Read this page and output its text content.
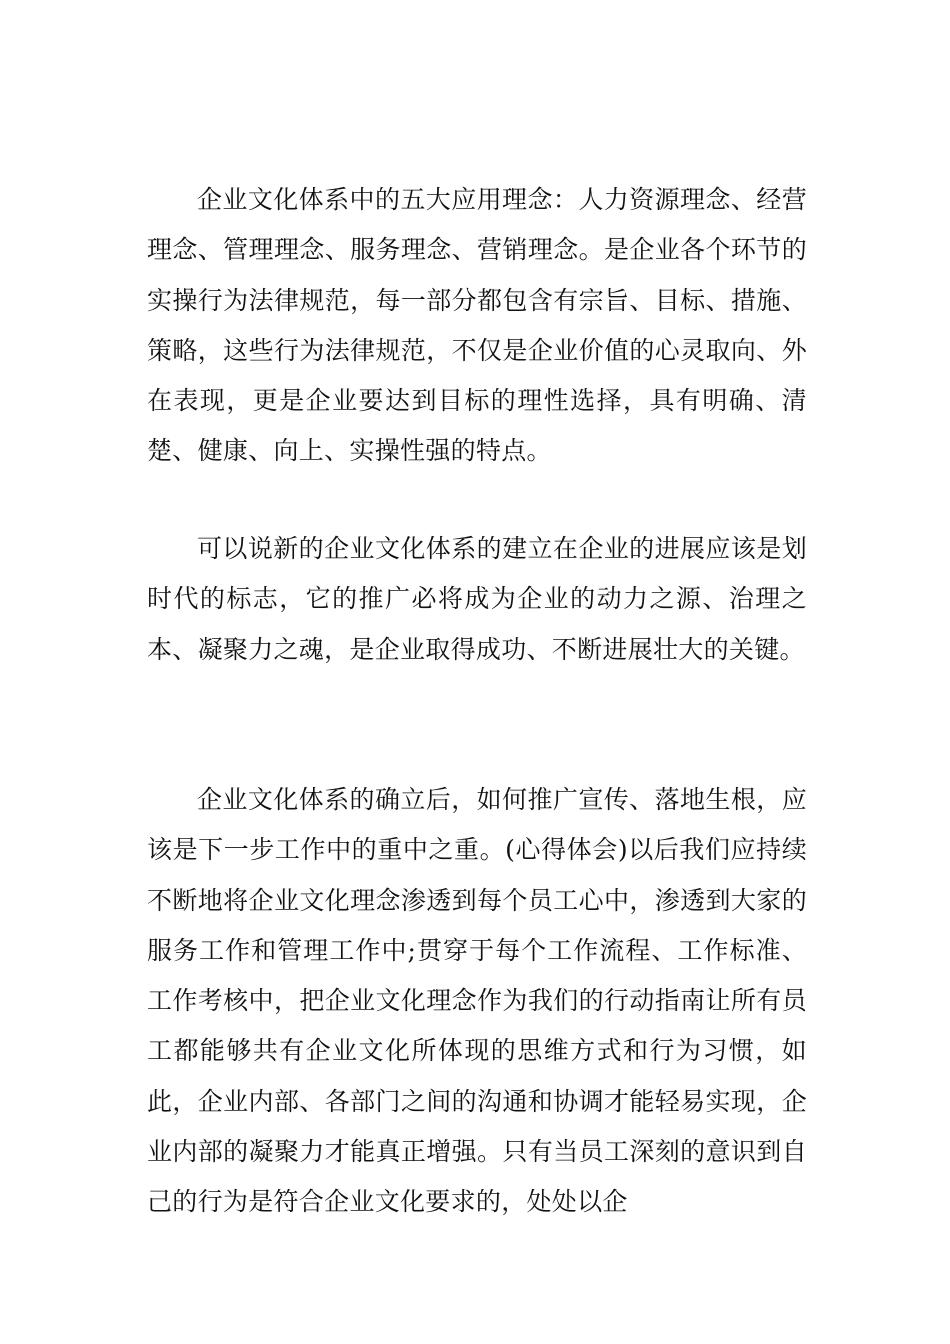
企业文化体系中的五大应用理念：人力资源理念、经营理念、管理理念、服务理念、营销理念。是企业各个环节的实操行为法律规范，每一部分都包含有宗旨、目标、措施、策略，这些行为法律规范，不仅是企业价值的心灵取向、外在表现，更是企业要达到目标的理性选择，具有明确、清楚、健康、向上、实操性强的特点。

可以说新的企业文化体系的建立在企业的进展应该是划时代的标志，它的推广必将成为企业的动力之源、治理之本、凝聚力之魂，是企业取得成功、不断进展壮大的关键。

企业文化体系的确立后，如何推广宣传、落地生根，应该是下一步工作中的重中之重。(心得体会)以后我们应持续不断地将企业文化理念渗透到每个员工心中，渗透到大家的服务工作和管理工作中;贯穿于每个工作流程、工作标准、工作考核中，把企业文化理念作为我们的行动指南让所有员工都能够共有企业文化所体现的思维方式和行为习惯，如此，企业内部、各部门之间的沟通和协调才能轻易实现，企业内部的凝聚力才能真正增强。只有当员工深刻的意识到自己的行为是符合企业文化要求的，处处以企
